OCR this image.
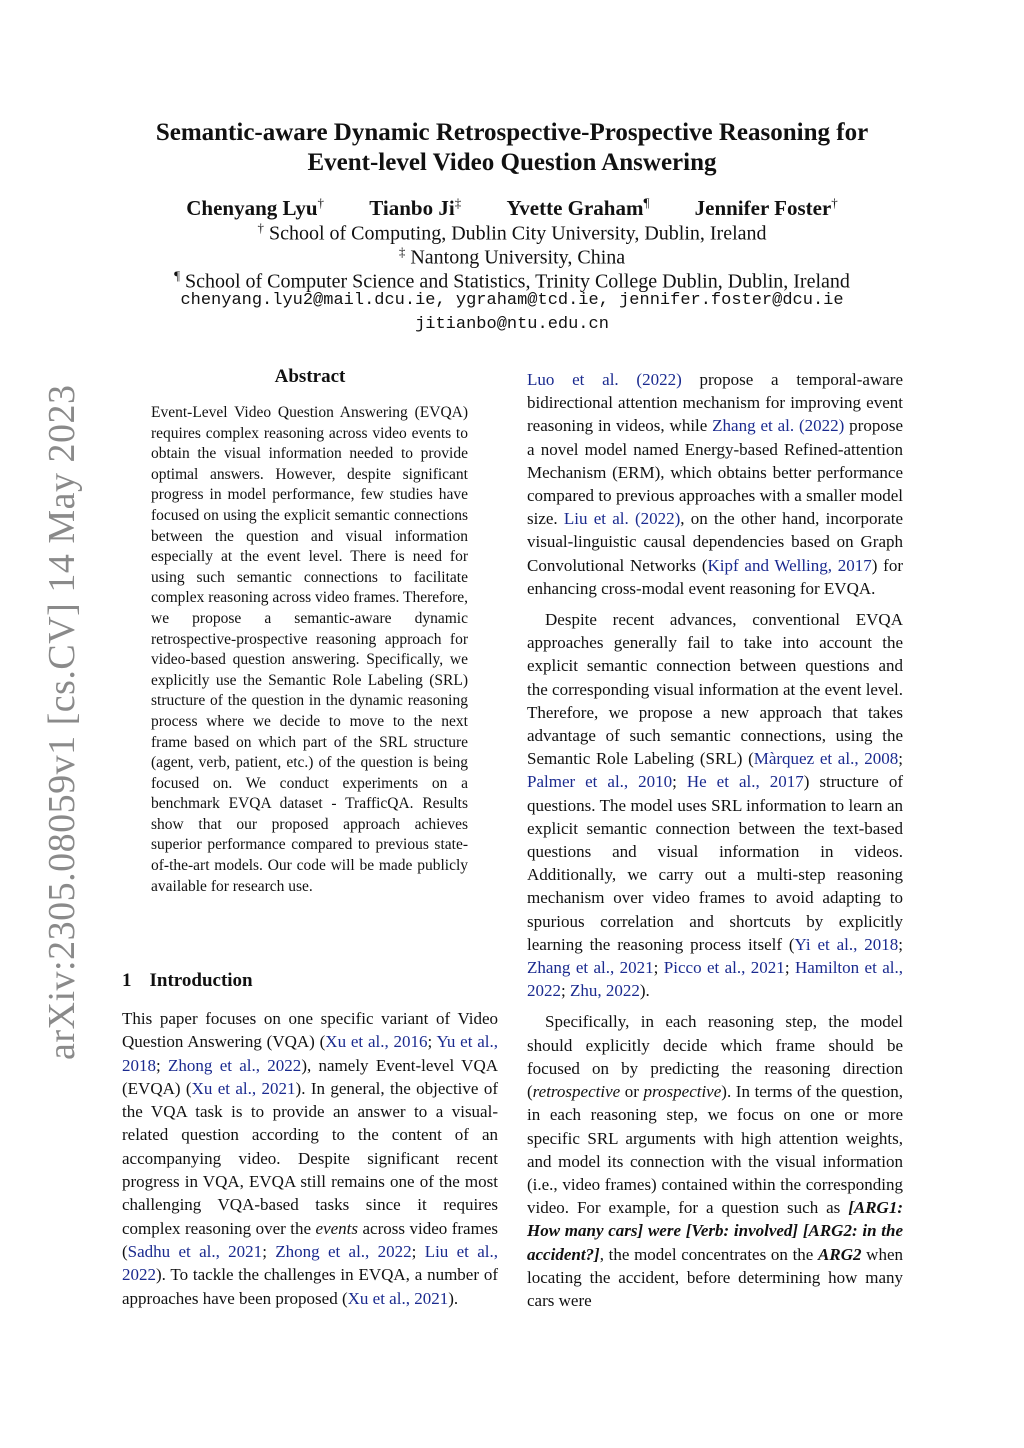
arXiv:2305.08059v1 [cs.CV] 14 May 2023
Semantic-aware Dynamic Retrospective-Prospective Reasoning for
Event-level Video Question Answering
Chenyang Lyu† Tianbo Ji‡ Yvette Graham¶ Jennifer Foster†
† School of Computing, Dublin City University, Dublin, Ireland
‡ Nantong University, China
¶ School of Computer Science and Statistics, Trinity College Dublin, Dublin, Ireland
chenyang.lyu2@mail.dcu.ie, ygraham@tcd.ie, jennifer.foster@dcu.ie
jitianbo@ntu.edu.cn
Abstract
Event-Level Video Question Answering (EVQA) requires complex reasoning across video events to obtain the visual information needed to provide optimal answers. However, despite significant progress in model performance, few studies have focused on using the explicit semantic connections between the question and visual information especially at the event level. There is need for using such semantic connections to facilitate complex reasoning across video frames. Therefore, we propose a semantic-aware dynamic retrospective-prospective reasoning approach for video-based question answering. Specifically, we explicitly use the Semantic Role Labeling (SRL) structure of the question in the dynamic reasoning process where we decide to move to the next frame based on which part of the SRL structure (agent, verb, patient, etc.) of the question is being focused on. We conduct experiments on a benchmark EVQA dataset - TrafficQA. Results show that our proposed approach achieves superior performance compared to previous state-of-the-art models. Our code will be made publicly available for research use.
1 Introduction
This paper focuses on one specific variant of Video Question Answering (VQA) (Xu et al., 2016; Yu et al., 2018; Zhong et al., 2022), namely Event-level VQA (EVQA) (Xu et al., 2021). In general, the objective of the VQA task is to provide an answer to a visual-related question according to the content of an accompanying video. Despite significant recent progress in VQA, EVQA still remains one of the most challenging VQA-based tasks since it requires complex reasoning over the events across video frames (Sadhu et al., 2021; Zhong et al., 2022; Liu et al., 2022). To tackle the challenges in EVQA, a number of approaches have been proposed (Xu et al., 2021).

Luo et al. (2022) propose a temporal-aware bidirectional attention mechanism for improving event reasoning in videos, while Zhang et al. (2022) propose a novel model named Energy-based Refined-attention Mechanism (ERM), which obtains better performance compared to previous approaches with a smaller model size. Liu et al. (2022), on the other hand, incorporate visual-linguistic causal dependencies based on Graph Convolutional Networks (Kipf and Welling, 2017) for enhancing cross-modal event reasoning for EVQA.

Despite recent advances, conventional EVQA approaches generally fail to take into account the explicit semantic connection between questions and the corresponding visual information at the event level. Therefore, we propose a new approach that takes advantage of such semantic connections, using the Semantic Role Labeling (SRL) (Màrquez et al., 2008; Palmer et al., 2010; He et al., 2017) structure of questions. The model uses SRL information to learn an explicit semantic connection between the text-based questions and visual information in videos. Additionally, we carry out a multi-step reasoning mechanism over video frames to avoid adapting to spurious correlation and shortcuts by explicitly learning the reasoning process itself (Yi et al., 2018; Zhang et al., 2021; Picco et al., 2021; Hamilton et al., 2022; Zhu, 2022).

Specifically, in each reasoning step, the model should explicitly decide which frame should be focused on by predicting the reasoning direction (retrospective or prospective). In terms of the question, in each reasoning step, we focus on one or more specific SRL arguments with high attention weights, and model its connection with the visual information (i.e., video frames) contained within the corresponding video. For example, for a question such as [ARG1: How many cars] were [Verb: involved] [ARG2: in the accident?], the model concentrates on the ARG2 when locating the accident, before determining how many cars were
